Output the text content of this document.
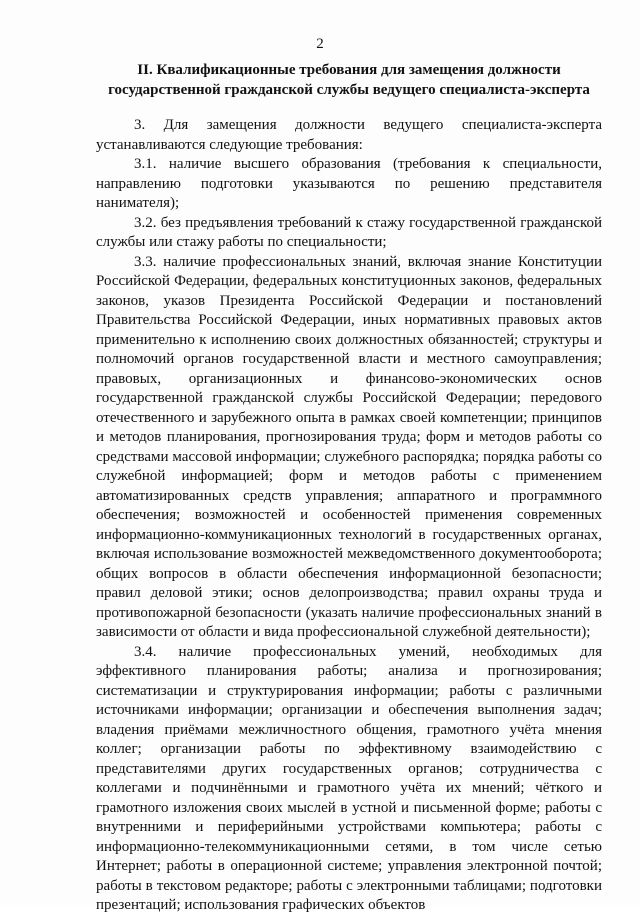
2
II. Квалификационные требования для замещения должности
государственной гражданской службы ведущего специалиста-эксперта

3. Для замещения должности ведущего специалиста-эксперта устанавливаются следующие требования:

3.1. наличие высшего образования (требования к специальности, направлению подготовки указываются по решению представителя нанимателя);

3.2. без предъявления требований к стажу государственной гражданской службы или стажу работы по специальности;

3.3. наличие профессиональных знаний, включая знание Конституции Российской Федерации, федеральных конституционных законов, федеральных законов, указов Президента Российской Федерации и постановлений Правительства Российской Федерации, иных нормативных правовых актов применительно к исполнению своих должностных обязанностей; структуры и полномочий органов государственной власти и местного самоуправления; правовых, организационных и финансово-экономических основ государственной гражданской службы Российской Федерации; передового отечественного и зарубежного опыта в рамках своей компетенции; принципов и методов планирования, прогнозирования труда; форм и методов работы со средствами массовой информации; служебного распорядка; порядка работы со служебной информацией; форм и методов работы с применением автоматизированных средств управления; аппаратного и программного обеспечения; возможностей и особенностей применения современных информационно-коммуникационных технологий в государственных органах, включая использование возможностей межведомственного документооборота; общих вопросов в области обеспечения информационной безопасности; правил деловой этики; основ делопроизводства; правил охраны труда и противопожарной безопасности (указать наличие профессиональных знаний в зависимости от области и вида профессиональной служебной деятельности);

3.4. наличие профессиональных умений, необходимых для эффективного планирования работы; анализа и прогнозирования; систематизации и структурирования информации; работы с различными источниками информации; организации и обеспечения выполнения задач; владения приёмами межличностного общения, грамотного учёта мнения коллег; организации работы по эффективному взаимодействию с представителями других государственных органов; сотрудничества с коллегами и подчинёнными и грамотного учёта их мнений; чёткого и грамотного изложения своих мыслей в устной и письменной форме; работы с внутренними и периферийными устройствами компьютера; работы с информационно-телекоммуникационными сетями, в том числе сетью Интернет; работы в операционной системе; управления электронной почтой; работы в текстовом редакторе; работы с электронными таблицами; подготовки презентаций; использования графических объектов
